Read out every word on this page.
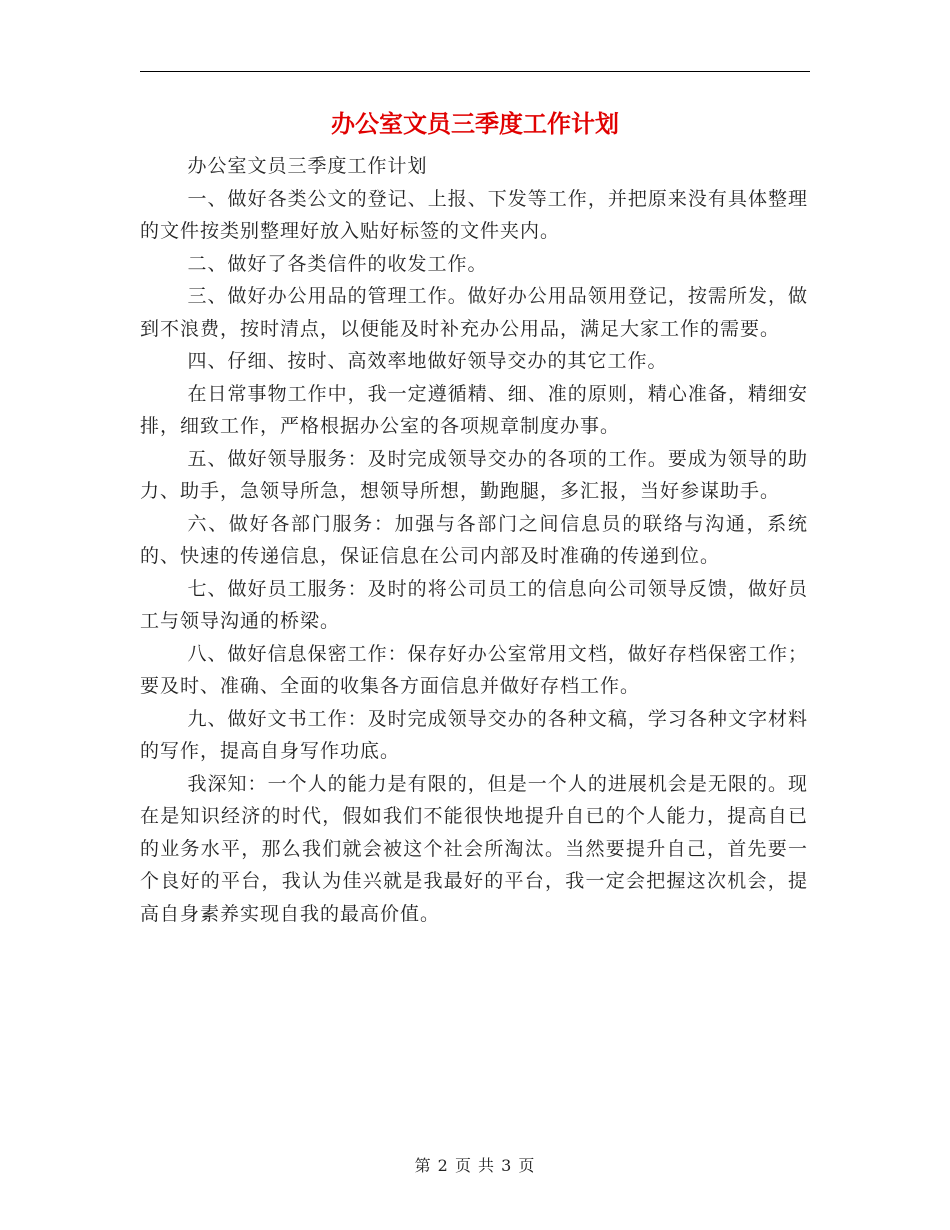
办公室文员三季度工作计划

办公室文员三季度工作计划

一、做好各类公文的登记、上报、下发等工作，并把原来没有具体整理的文件按类别整理好放入贴好标签的文件夹内。

二、做好了各类信件的收发工作。

三、做好办公用品的管理工作。做好办公用品领用登记，按需所发，做到不浪费，按时清点，以便能及时补充办公用品，满足大家工作的需要。

四、仔细、按时、高效率地做好领导交办的其它工作。

在日常事物工作中，我一定遵循精、细、准的原则，精心准备，精细安排，细致工作，严格根据办公室的各项规章制度办事。

五、做好领导服务：及时完成领导交办的各项的工作。要成为领导的助力、助手，急领导所急，想领导所想，勤跑腿，多汇报，当好参谋助手。

六、做好各部门服务：加强与各部门之间信息员的联络与沟通，系统的、快速的传递信息，保证信息在公司内部及时准确的传递到位。

七、做好员工服务：及时的将公司员工的信息向公司领导反馈，做好员工与领导沟通的桥梁。

八、做好信息保密工作：保存好办公室常用文档，做好存档保密工作；要及时、准确、全面的收集各方面信息并做好存档工作。

九、做好文书工作：及时完成领导交办的各种文稿，学习各种文字材料的写作，提高自身写作功底。

我深知：一个人的能力是有限的，但是一个人的进展机会是无限的。现在是知识经济的时代，假如我们不能很快地提升自已的个人能力，提高自已的业务水平，那么我们就会被这个社会所淘汰。当然要提升自己，首先要一个良好的平台，我认为佳兴就是我最好的平台，我一定会把握这次机会，提高自身素养实现自我的最高价值。

第 2 页 共 3 页
